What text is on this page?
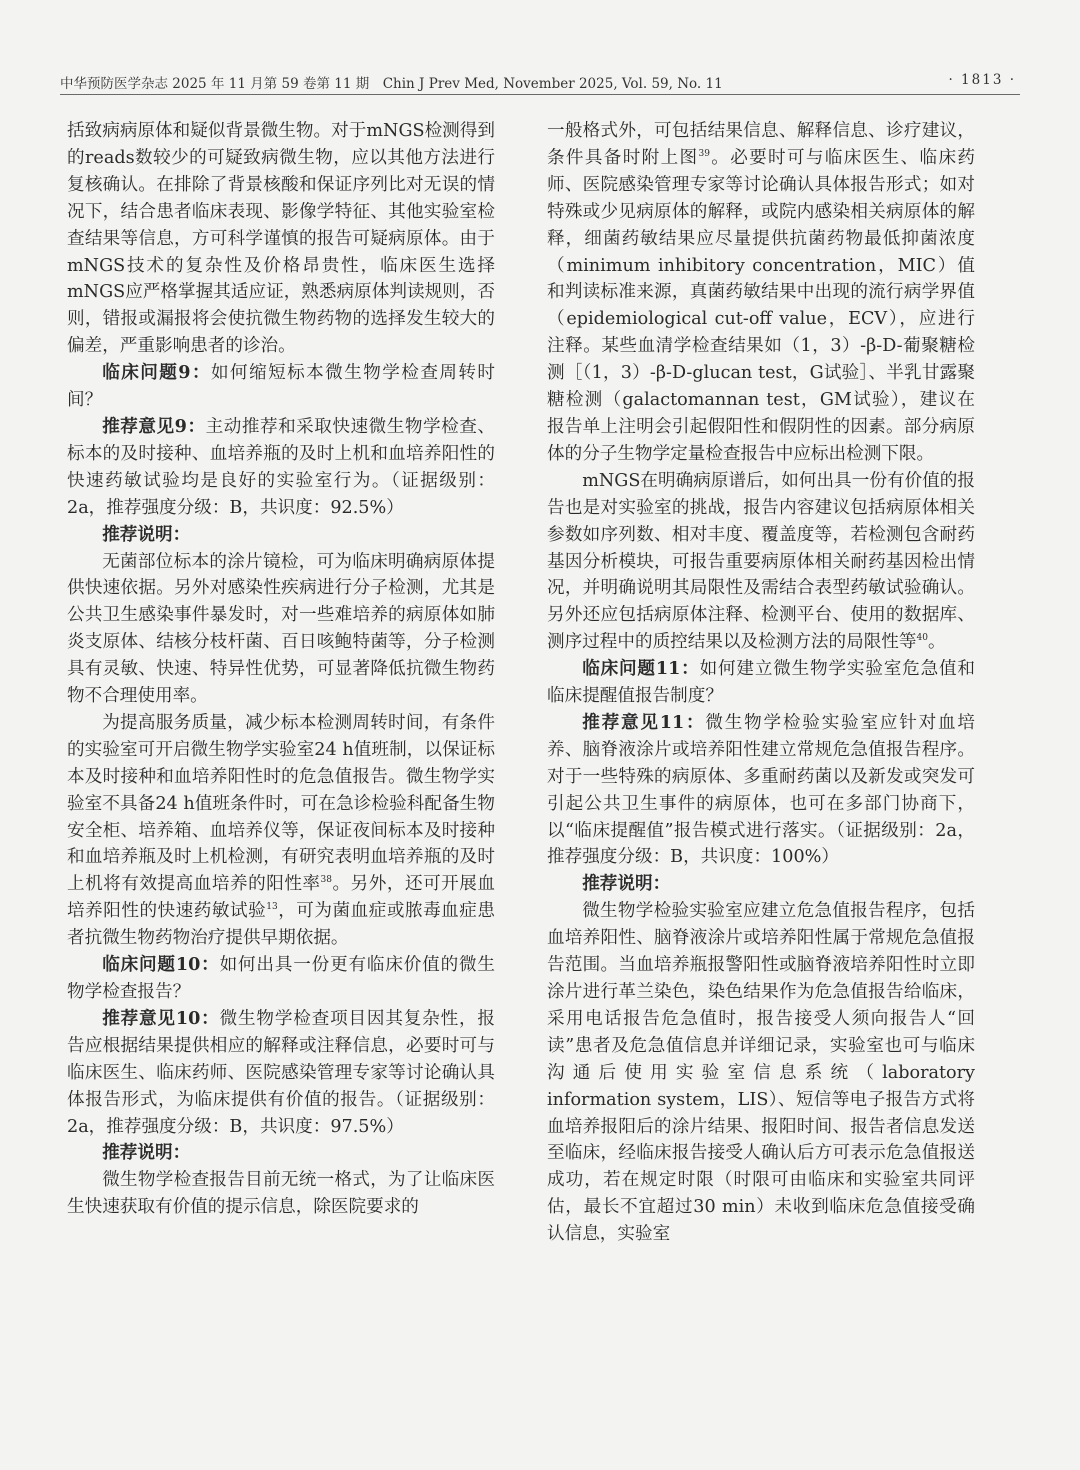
中华预防医学杂志 2025 年 11 月第 59 卷第 11 期　Chin J Prev Med, November 2025, Vol. 59, No. 11	· 1813 ·

括致病病原体和疑似背景微生物。对于mNGS检测得到的reads数较少的可疑致病微生物，应以其他方法进行复核确认。在排除了背景核酸和保证序列比对无误的情况下，结合患者临床表现、影像学特征、其他实验室检查结果等信息，方可科学谨慎的报告可疑病原体。由于mNGS技术的复杂性及价格昂贵性，临床医生选择mNGS应严格掌握其适应证，熟悉病原体判读规则，否则，错报或漏报将会使抗微生物药物的选择发生较大的偏差，严重影响患者的诊治。

临床问题9：如何缩短标本微生物学检查周转时间？

推荐意见9：主动推荐和采取快速微生物学检查、标本的及时接种、血培养瓶的及时上机和血培养阳性的快速药敏试验均是良好的实验室行为。（证据级别：2a，推荐强度分级：B，共识度：92.5%）

推荐说明：

无菌部位标本的涂片镜检，可为临床明确病原体提供快速依据。另外对感染性疾病进行分子检测，尤其是公共卫生感染事件暴发时，对一些难培养的病原体如肺炎支原体、结核分枝杆菌、百日咳鲍特菌等，分子检测具有灵敏、快速、特异性优势，可显著降低抗微生物药物不合理使用率。

为提高服务质量，减少标本检测周转时间，有条件的实验室可开启微生物学实验室24 h值班制，以保证标本及时接种和血培养阳性时的危急值报告。微生物学实验室不具备24 h值班条件时，可在急诊检验科配备生物安全柜、培养箱、血培养仪等，保证夜间标本及时接种和血培养瓶及时上机检测，有研究表明血培养瓶的及时上机将有效提高血培养的阳性率$^{38}$。另外，还可开展血培养阳性的快速药敏试验$^{13}$，可为菌血症或脓毒血症患者抗微生物药物治疗提供早期依据。

临床问题10：如何出具一份更有临床价值的微生物学检查报告？

推荐意见10：微生物学检查项目因其复杂性，报告应根据结果提供相应的解释或注释信息，必要时可与临床医生、临床药师、医院感染管理专家等讨论确认具体报告形式，为临床提供有价值的报告。（证据级别：2a，推荐强度分级：B，共识度：97.5%）

推荐说明：

微生物学检查报告目前无统一格式，为了让临床医生快速获取有价值的提示信息，除医院要求的

一般格式外，可包括结果信息、解释信息、诊疗建议，条件具备时附上图$^{39}$。必要时可与临床医生、临床药师、医院感染管理专家等讨论确认具体报告形式；如对特殊或少见病原体的解释，或院内感染相关病原体的解释，细菌药敏结果应尽量提供抗菌药物最低抑菌浓度（minimum inhibitory concentration，MIC）值和判读标准来源，真菌药敏结果中出现的流行病学界值（epidemiological cut-off value，ECV），应进行注释。某些血清学检查结果如（1，3）-β-D-葡聚糖检测［（1，3）-β-D-glucan test，G试验］、半乳甘露聚糖检测（galactomannan test，GM试验），建议在报告单上注明会引起假阳性和假阴性的因素。部分病原体的分子生物学定量检查报告中应标出检测下限。

mNGS在明确病原谱后，如何出具一份有价值的报告也是对实验室的挑战，报告内容建议包括病原体相关参数如序列数、相对丰度、覆盖度等，若检测包含耐药基因分析模块，可报告重要病原体相关耐药基因检出情况，并明确说明其局限性及需结合表型药敏试验确认。另外还应包括病原体注释、检测平台、使用的数据库、测序过程中的质控结果以及检测方法的局限性等$^{40}$。

临床问题11：如何建立微生物学实验室危急值和临床提醒值报告制度？

推荐意见11：微生物学检验实验室应针对血培养、脑脊液涂片或培养阳性建立常规危急值报告程序。对于一些特殊的病原体、多重耐药菌以及新发或突发可引起公共卫生事件的病原体，也可在多部门协商下，以“临床提醒值”报告模式进行落实。（证据级别：2a，推荐强度分级：B，共识度：100%）

推荐说明：

微生物学检验实验室应建立危急值报告程序，包括血培养阳性、脑脊液涂片或培养阳性属于常规危急值报告范围。当血培养瓶报警阳性或脑脊液培养阳性时立即涂片进行革兰染色，染色结果作为危急值报告给临床，采用电话报告危急值时，报告接受人须向报告人“回读”患者及危急值信息并详细记录，实验室也可与临床沟通后使用实验室信息系统（laboratory information system，LIS）、短信等电子报告方式将血培养报阳后的涂片结果、报阳时间、报告者信息发送至临床，经临床报告接受人确认后方可表示危急值报送成功，若在规定时限（时限可由临床和实验室共同评估，最长不宜超过30 min）未收到临床危急值接受确认信息，实验室
